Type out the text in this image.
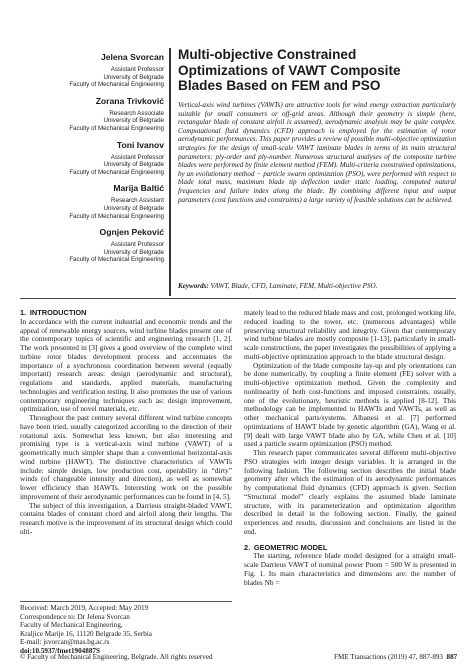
Jelena Svorcan
Assistant Professor
University of Belgrade
Faculty of Mechanical Engineering
Zorana Trivković
Research Associate
University of Belgrade
Faculty of Mechanical Engineering
Toni Ivanov
Assistant Professor
University of Belgrade
Faculty of Mechanical Engineering
Marija Baltić
Research Assistant
University of Belgrade
Faculty of Mechanical Engineering
Ognjen Peković
Assistant Professor
University of Belgrade
Faculty of Mechanical Engineering
Multi-objective Constrained Optimizations of VAWT Composite Blades Based on FEM and PSO

Vertical-axis wind turbines (VAWTs) are attractive tools for wind energy extraction particularly suitable for small consumers or off-grid areas. Although their geometry is simple (here, rectangular blade of constant airfoil is assumed), aerodynamic analysis may be quite complex. Computational fluid dynamics (CFD) approach is employed for the estimation of rotor aerodynamic performances. This paper provides a review of possible multi-objective optimization strategies for the design of small-scale VAWT laminate blades in terms of its main structural parameters: ply-order and ply-number. Numerous structural analyses of the composite turbine blades were performed by finite element method (FEM). Multi-criteria constrained optimizations, by an evolutionary method − particle swarm optimization (PSO), were performed with respect to blade total mass, maximum blade tip deflection under static loading, computed natural frequencies and failure index along the blade. By combining different input and output parameters (cost functions and constraints) a large variety of feasible solutions can be achieved.

Keywords: VAWT, Blade, CFD, Laminate, FEM, Multi-objective PSO.

1. INTRODUCTION

In accordance with the current industrial and economic trends and the appeal of renewable energy sources, wind turbine blades present one of the contemporary topics of scientific and engineering research [1, 2]. The work presented in [3] gives a good overview of the complete wind turbine rotor blades development process and accentuates the importance of a synchronous coordination between several (equally important) research areas: design (aerodynamic and structural), regulations and standards, applied materials, manufacturing technologies and verification testing. It also promotes the use of various contemporary engineering techniques such as: design improvement, optimization, use of novel materials, etc.

Throughout the past century several different wind turbine concepts have been tried, usually categorized according to the direction of their rotational axis. Somewhat less known, but also interesting and promising type is a vertical-axis wind turbine (VAWT) of a geometrically much simpler shape than a conventional horizontal-axis wind turbine (HAWT). The distinctive characteristics of VAWTs include: simple design, low production cost, operability in “dirty” winds (of changeable intensity and direction), as well as somewhat lower efficiency than HAWTs. Interesting work on the possible improvement of their aerodynamic performances can be found in [4, 5].

The subject of this investigation, a Darrieus straight-bladed VAWT, contains blades of constant chord and airfoil along their lengths. The research motive is the improvement of its structural design which could ulti-

mately lead to the reduced blade mass and cost, prolonged working life, reduced loading to the tower, etc. (numerous advantages) while preserving structural reliability and integrity. Given that contemporary wind turbine blades are mostly composite [1-13], particularly in small-scale constructions, the paper investigates the possibilities of applying a multi-objective optimization approach to the blade structural design.

Optimization of the blade composite lay-up and ply orientations can be done numerically, by coupling a finite element (FE) solver with a multi-objective optimization method. Given the complexity and nonlinearity of both cost-functions and imposed constraints, usually, one of the evolutionary, heuristic methods is applied [8-12]. This methodology can be implemented to HAWTs and VAWTs, as well as other mechanical parts/systems. Albanesi et al. [7] performed optimizations of HAWT blade by genetic algorithm (GA), Wang et al. [9] dealt with large VAWT blade also by GA, while Chen et al. [10] used a particle swarm optimization (PSO) method.

This research paper communicates several different multi-objective PSO strategies with integer design variables. It is arranged in the following fashion. The following section describes the initial blade geometry after which the estimation of its aerodynamic performances by computational fluid dynamics (CFD) approach is given. Section “Structural model” clearly explains the assumed blade laminate structure, with its parameterization and optimization algorithm described in detail in the following section. Finally, the gained experiences and results, discussion and conclusions are listed in the end.

2. GEOMETRIC MODEL

The starting, reference blade model designed for a straight small-scale Darrieus VAWT of nominal power Pnom = 500 W is presented in Fig. 1. Its main characteristics and dimensions are: the number of blades Nb =

Received: March 2019, Accepted: May 2019
Correspondence to: Dr Jelena Svorcan
Faculty of Mechanical Engineering,
Kraljice Marije 16, 11120 Belgrade 35, Serbia
E-mail: jsvorcan@mas.bg.ac.rs
doi:10.5937/fmet1904887S
© Faculty of Mechanical Engineering, Belgrade. All rights reserved	FME Transactions (2019) 47, 887-893 887
